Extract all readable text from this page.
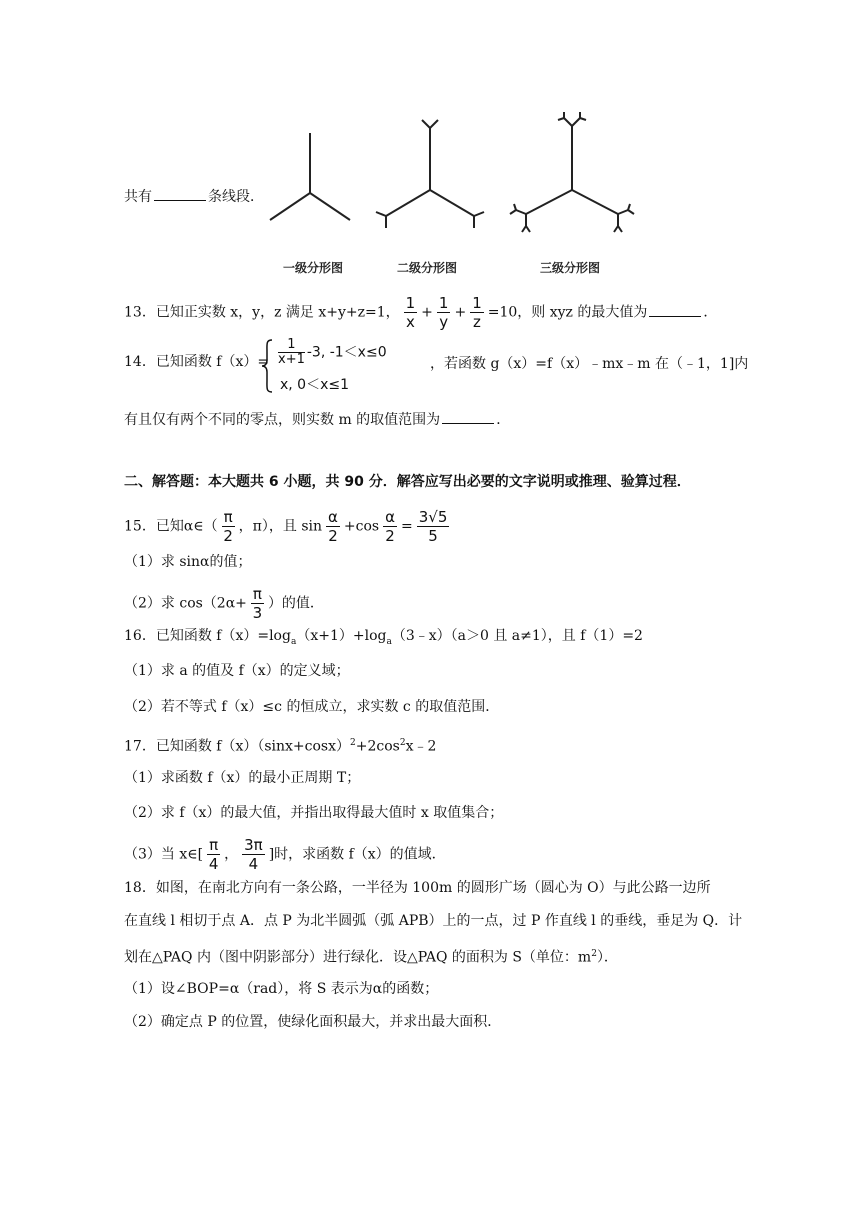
共有	条线段．
一级分形图	二级分形图	三级分形图
13．已知正实数 x，y，z 满足 x+y+z=1， $\frac{1}{x} + \frac{1}{y} + \frac{1}{z} =10$，则 xyz 的最大值为	．
14．已知函数 $f(x)= \frac{1}{x+1} -3$, -1＜x≤0
x, 0＜x≤1
，若函数 g（x）=f（x）﹣mx﹣m 在（﹣1，1]内
有且仅有两个不同的零点，则实数 m 的取值范围为	．
二、解答题：本大题共 6 小题，共 90 分．解答应写出必要的文字说明或推理、验算过程．
15．已知α∈（ $\frac{\pi}{2}$ ，π），且 $\sin \frac{\alpha}{2} +\cos \frac{\alpha}{2} = \frac{3√5}{5}$
（1）求 sinα的值；
（2）求 $\cos(2\alpha+ \frac{\pi}{3}$ ）的值．
16．已知函数 $f(x)=\log_a(x+1)+\log_a(3﹣x)(a>0$ 且 a≠1），且 f（1）=2
（1）求 a 的值及 f（x）的定义域；
（2）若不等式 f（x）≤c 的恒成立，求实数 c 的取值范围．
17．已知函数 $f(x)(\sin x+\cos x)^2+2\cos^2x﹣2$
（1）求函数 f（x）的最小正周期 T；
（2）求 f（x）的最大值，并指出取得最大值时 x 取值集合；
（3）当 x∈[ $\frac{\pi}{4}$ ， $\frac{3\pi}{4}$ ]时，求函数 f（x）的值域．
18．如图，在南北方向有一条公路，一半径为 100m 的圆形广场（圆心为 O）与此公路一边所
在直线 l 相切于点 A．点 P 为北半圆弧（弧 APB）上的一点，过 P 作直线 l 的垂线，垂足为 Q．计
划在△PAQ 内（图中阴影部分）进行绿化．设△PAQ 的面积为 S（单位：$m^2$）．
（1）设∠BOP=α（rad），将 S 表示为α的函数；
（2）确定点 P 的位置，使绿化面积最大，并求出最大面积．
